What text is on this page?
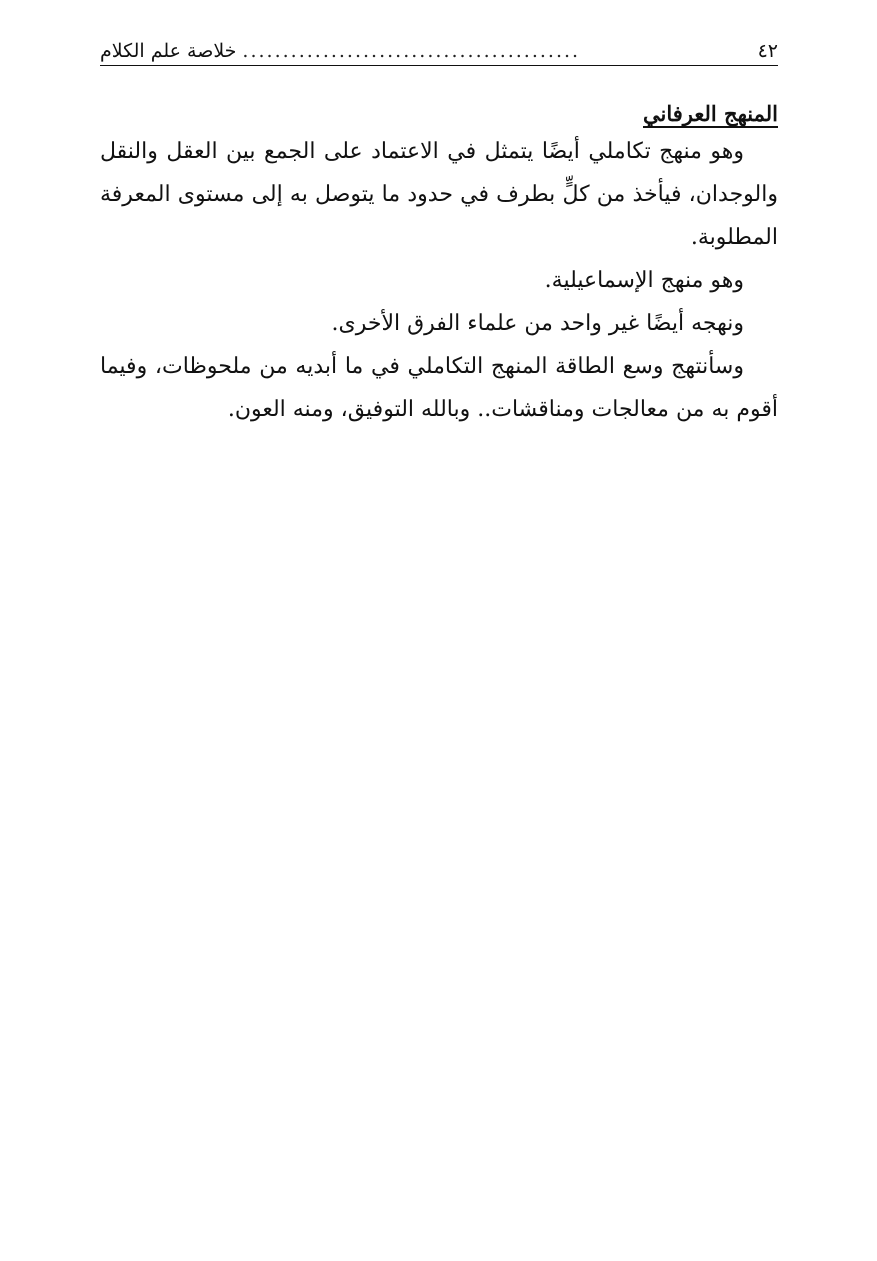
٤٢
..........................................
خلاصة علم الكلام
المنهج العرفاني

وهو منهج تكاملي أيضًا يتمثل في الاعتماد على الجمع بين العقل والنقل والوجدان، فيأخذ من كلٍّ بطرف في حدود ما يتوصل به إلى مستوى المعرفة المطلوبة.

وهو منهج الإسماعيلية.

ونهجه أيضًا غير واحد من علماء الفرق الأخرى.

وسأنتهج وسع الطاقة المنهج التكاملي في ما أبديه من ملحوظات، وفيما أقوم به من معالجات ومناقشات.. وبالله التوفيق، ومنه العون.
